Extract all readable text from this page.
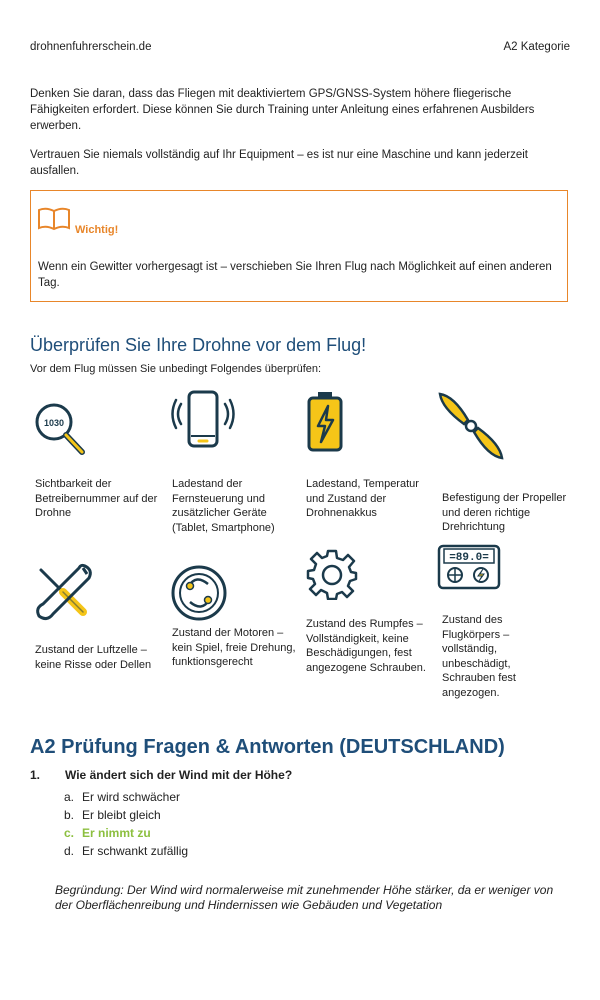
drohnenfuhrerschein.de	A2 Kategorie
Denken Sie daran, dass das Fliegen mit deaktiviertem GPS/GNSS-System höhere fliegerische Fähigkeiten erfordert. Diese können Sie durch Training unter Anleitung eines erfahrenen Ausbilders erwerben.
Vertrauen Sie niemals vollständig auf Ihr Equipment – es ist nur eine Maschine und kann jederzeit ausfallen.
Wichtig!
Wenn ein Gewitter vorhergesagt ist – verschieben Sie Ihren Flug nach Möglichkeit auf einen anderen Tag.
Überprüfen Sie Ihre Drohne vor dem Flug!
Vor dem Flug müssen Sie unbedingt Folgendes überprüfen:
1030
Sichtbarkeit der Betreibernummer auf der Drohne
Ladestand der Fernsteuerung und zusätzlicher Geräte (Tablet, Smartphone)
Ladestand, Temperatur und Zustand der Drohnenakkus
Befestigung der Propeller und deren richtige Drehrichtung
=89.0=
Zustand der Luftzelle – keine Risse oder Dellen
Zustand der Motoren – kein Spiel, freie Drehung, funktionsgerecht
Zustand des Rumpfes – Vollständigkeit, keine Beschädigungen, fest angezogene Schrauben.
Zustand des Flugkörpers – vollständig, unbeschädigt, Schrauben fest angezogen.
A2 Prüfung Fragen & Antworten (DEUTSCHLAND)
1. Wie ändert sich der Wind mit der Höhe?
a. Er wird schwächer
b. Er bleibt gleich
c. Er nimmt zu
d. Er schwankt zufällig
Begründung: Der Wind wird normalerweise mit zunehmender Höhe stärker, da er weniger von der Oberflächenreibung und Hindernissen wie Gebäuden und Vegetation
